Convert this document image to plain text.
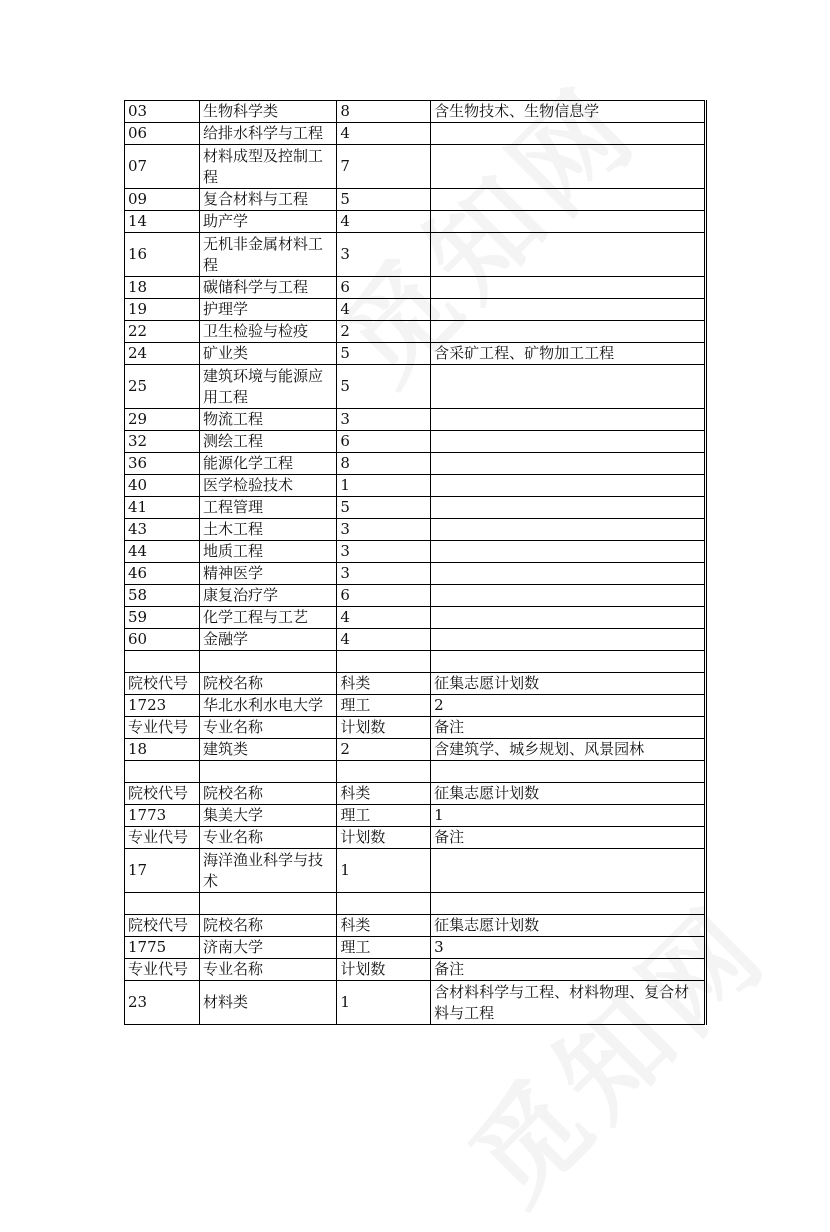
03	生物科学类	8	含生物技术、生物信息学
06	给排水科学与工程	4	
07	材料成型及控制工程	7	
09	复合材料与工程	5	
14	助产学	4	
16	无机非金属材料工程	3	
18	碳储科学与工程	6	
19	护理学	4	
22	卫生检验与检疫	2	
24	矿业类	5	含采矿工程、矿物加工工程
25	建筑环境与能源应用工程	5	
29	物流工程	3	
32	测绘工程	6	
36	能源化学工程	8	
40	医学检验技术	1	
41	工程管理	5	
43	土木工程	3	
44	地质工程	3	
46	精神医学	3	
58	康复治疗学	6	
59	化学工程与工艺	4	
60	金融学	4	

院校代号	院校名称	科类	征集志愿计划数
1723	华北水利水电大学	理工	2
专业代号	专业名称	计划数	备注
18	建筑类	2	含建筑学、城乡规划、风景园林

院校代号	院校名称	科类	征集志愿计划数
1773	集美大学	理工	1
专业代号	专业名称	计划数	备注
17	海洋渔业科学与技术	1	

院校代号	院校名称	科类	征集志愿计划数
1775	济南大学	理工	3
专业代号	专业名称	计划数	备注
23	材料类	1	含材料科学与工程、材料物理、复合材料与工程
